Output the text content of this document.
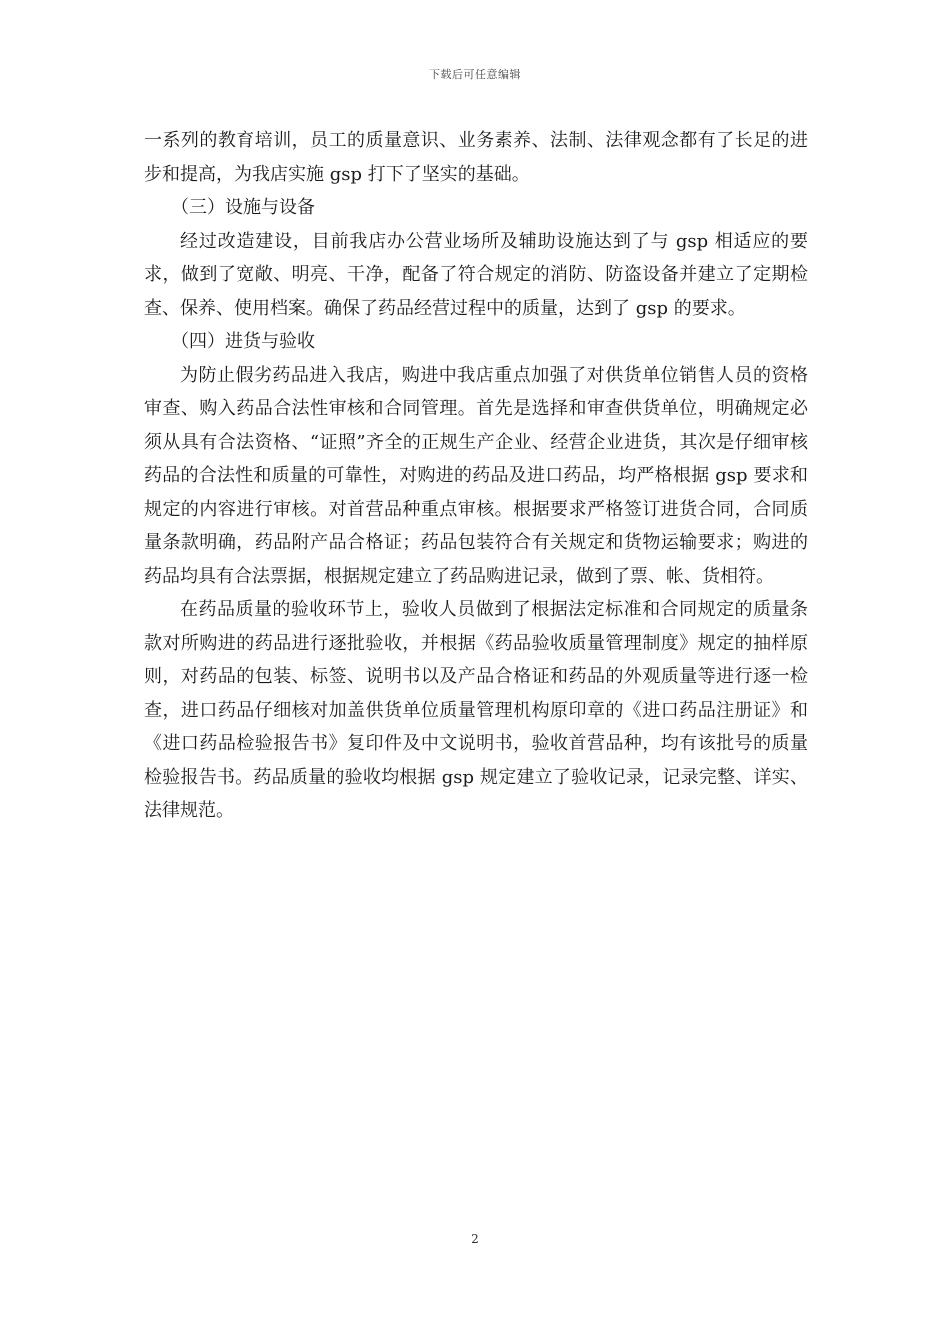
下载后可任意编辑

一系列的教育培训，员工的质量意识、业务素养、法制、法律观念都有了长足的进步和提高，为我店实施 gsp 打下了坚实的基础。

（三）设施与设备

经过改造建设，目前我店办公营业场所及辅助设施达到了与 gsp 相适应的要求，做到了宽敞、明亮、干净，配备了符合规定的消防、防盗设备并建立了定期检查、保养、使用档案。确保了药品经营过程中的质量，达到了 gsp 的要求。

（四）进货与验收

为防止假劣药品进入我店，购进中我店重点加强了对供货单位销售人员的资格审查、购入药品合法性审核和合同管理。首先是选择和审查供货单位，明确规定必须从具有合法资格、“证照”齐全的正规生产企业、经营企业进货，其次是仔细审核药品的合法性和质量的可靠性，对购进的药品及进口药品，均严格根据 gsp 要求和规定的内容进行审核。对首营品种重点审核。根据要求严格签订进货合同，合同质量条款明确，药品附产品合格证；药品包装符合有关规定和货物运输要求；购进的药品均具有合法票据，根据规定建立了药品购进记录，做到了票、帐、货相符。

在药品质量的验收环节上，验收人员做到了根据法定标准和合同规定的质量条款对所购进的药品进行逐批验收，并根据《药品验收质量管理制度》规定的抽样原则，对药品的包装、标签、说明书以及产品合格证和药品的外观质量等进行逐一检查，进口药品仔细核对加盖供货单位质量管理机构原印章的《进口药品注册证》和《进口药品检验报告书》复印件及中文说明书，验收首营品种，均有该批号的质量检验报告书。药品质量的验收均根据 gsp 规定建立了验收记录，记录完整、详实、法律规范。

2
